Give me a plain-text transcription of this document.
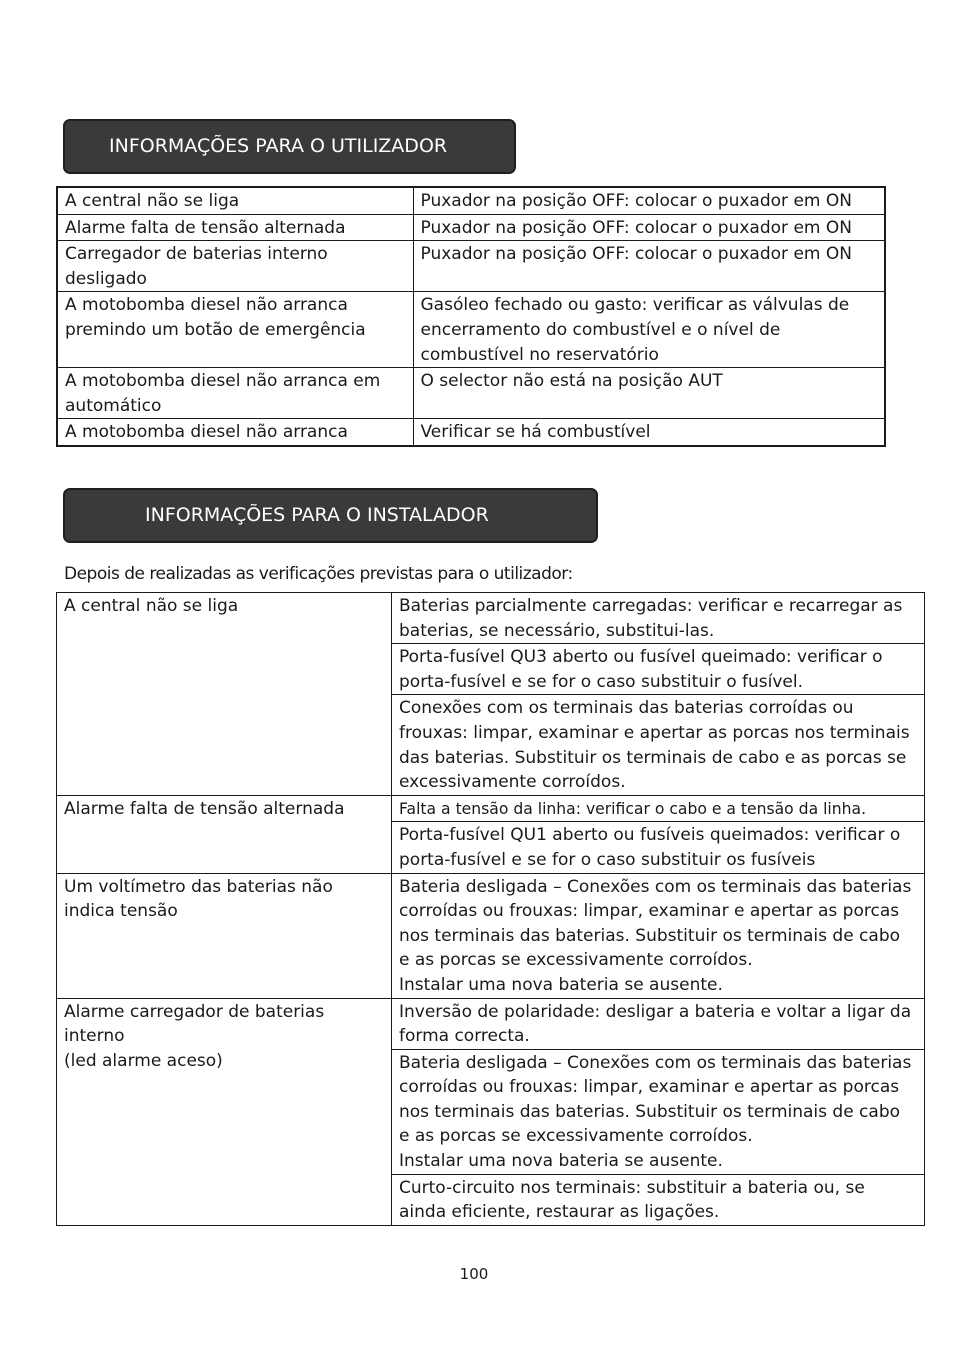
INFORMAÇÕES PARA O UTILIZADOR
A central não se liga	Puxador na posição OFF: colocar o puxador em ON
Alarme falta de tensão alternada	Puxador na posição OFF: colocar o puxador em ON
Carregador de baterias interno
desligado	Puxador na posição OFF: colocar o puxador em ON
A motobomba diesel não arranca
premindo um botão de emergência	Gasóleo fechado ou gasto: verificar as válvulas de
encerramento do combustível e o nível de
combustível no reservatório
A motobomba diesel não arranca em
automático	O selector não está na posição AUT
A motobomba diesel não arranca	Verificar se há combustível
INFORMAÇÕES PARA O INSTALADOR
Depois de realizadas as verificações previstas para o utilizador:
A central não se liga	Baterias parcialmente carregadas: verificar e recarregar as
baterias, se necessário, substitui-las.
	Porta-fusível QU3 aberto ou fusível queimado: verificar o
porta-fusível e se for o caso substituir o fusível.
	Conexões com os terminais das baterias corroídas ou
frouxas: limpar, examinar e apertar as porcas nos terminais
das baterias. Substituir os terminais de cabo e as porcas se
excessivamente corroídos.
Alarme falta de tensão alternada	Falta a tensão da linha: verificar o cabo e a tensão da linha.
	Porta-fusível QU1 aberto ou fusíveis queimados: verificar o
porta-fusível e se for o caso substituir os fusíveis
Um voltímetro das baterias não
indica tensão	Bateria desligada – Conexões com os terminais das baterias
corroídas ou frouxas: limpar, examinar e apertar as porcas
nos terminais das baterias. Substituir os terminais de cabo
e as porcas se excessivamente corroídos.
Instalar uma nova bateria se ausente.
Alarme carregador de baterias
interno
(led alarme aceso)	Inversão de polaridade: desligar a bateria e voltar a ligar da
forma correcta.
	Bateria desligada – Conexões com os terminais das baterias
corroídas ou frouxas: limpar, examinar e apertar as porcas
nos terminais das baterias. Substituir os terminais de cabo
e as porcas se excessivamente corroídos.
Instalar uma nova bateria se ausente.
	Curto-circuito nos terminais: substituir a bateria ou, se
ainda eficiente, restaurar as ligações.
100
